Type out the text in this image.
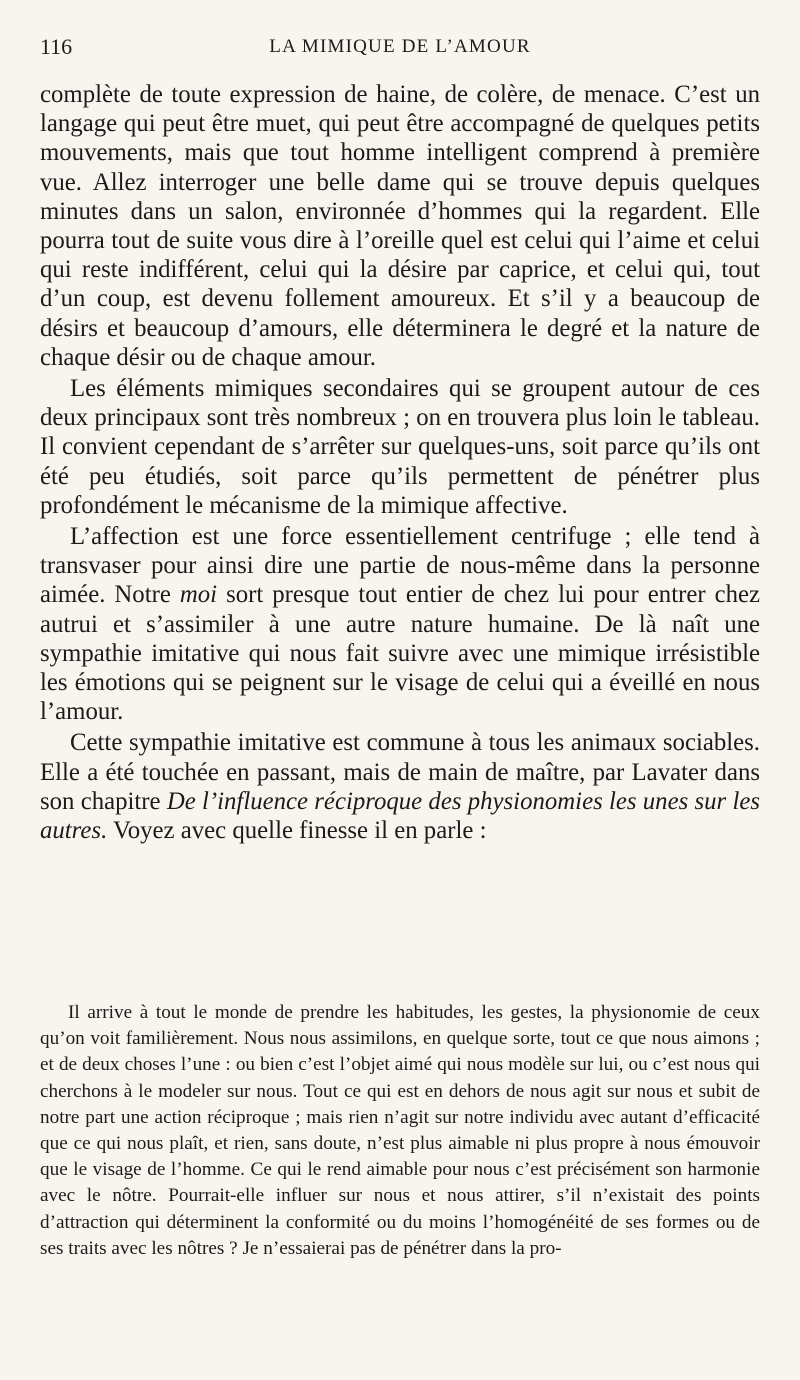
116	LA MIMIQUE DE L’AMOUR

complète de toute expression de haine, de colère, de menace. C’est un langage qui peut être muet, qui peut être accompagné de quelques petits mouvements, mais que tout homme intelligent comprend à première vue. Allez interroger une belle dame qui se trouve depuis quelques minutes dans un salon, environnée d’hommes qui la regardent. Elle pourra tout de suite vous dire à l’oreille quel est celui qui l’aime et celui qui reste indifférent, celui qui la désire par caprice, et celui qui, tout d’un coup, est devenu follement amoureux. Et s’il y a beaucoup de désirs et beaucoup d’amours, elle déterminera le degré et la nature de chaque désir ou de chaque amour.

Les éléments mimiques secondaires qui se groupent autour de ces deux principaux sont très nombreux ; on en trouvera plus loin le tableau. Il convient cependant de s’arrêter sur quelques-uns, soit parce qu’ils ont été peu étudiés, soit parce qu’ils permettent de pénétrer plus profondément le mécanisme de la mimique affective.

L’affection est une force essentiellement centrifuge ; elle tend à transvaser pour ainsi dire une partie de nous-même dans la personne aimée. Notre moi sort presque tout entier de chez lui pour entrer chez autrui et s’assimiler à une autre nature humaine. De là naît une sympathie imitative qui nous fait suivre avec une mimique irrésistible les émotions qui se peignent sur le visage de celui qui a éveillé en nous l’amour.

Cette sympathie imitative est commune à tous les animaux sociables. Elle a été touchée en passant, mais de main de maître, par Lavater dans son chapitre De l’influence réciproque des physionomies les unes sur les autres. Voyez avec quelle finesse il en parle :

Il arrive à tout le monde de prendre les habitudes, les gestes, la physionomie de ceux qu’on voit familièrement. Nous nous assimilons, en quelque sorte, tout ce que nous aimons ; et de deux choses l’une : ou bien c’est l’objet aimé qui nous modèle sur lui, ou c’est nous qui cherchons à le modeler sur nous. Tout ce qui est en dehors de nous agit sur nous et subit de notre part une action réciproque ; mais rien n’agit sur notre individu avec autant d’efficacité que ce qui nous plaît, et rien, sans doute, n’est plus aimable ni plus propre à nous émouvoir que le visage de l’homme. Ce qui le rend aimable pour nous c’est précisément son harmonie avec le nôtre. Pourrait-elle influer sur nous et nous attirer, s’il n’existait des points d’attraction qui déterminent la conformité ou du moins l’homogénéité de ses formes ou de ses traits avec les nôtres ? Je n’essaierai pas de pénétrer dans la pro-
